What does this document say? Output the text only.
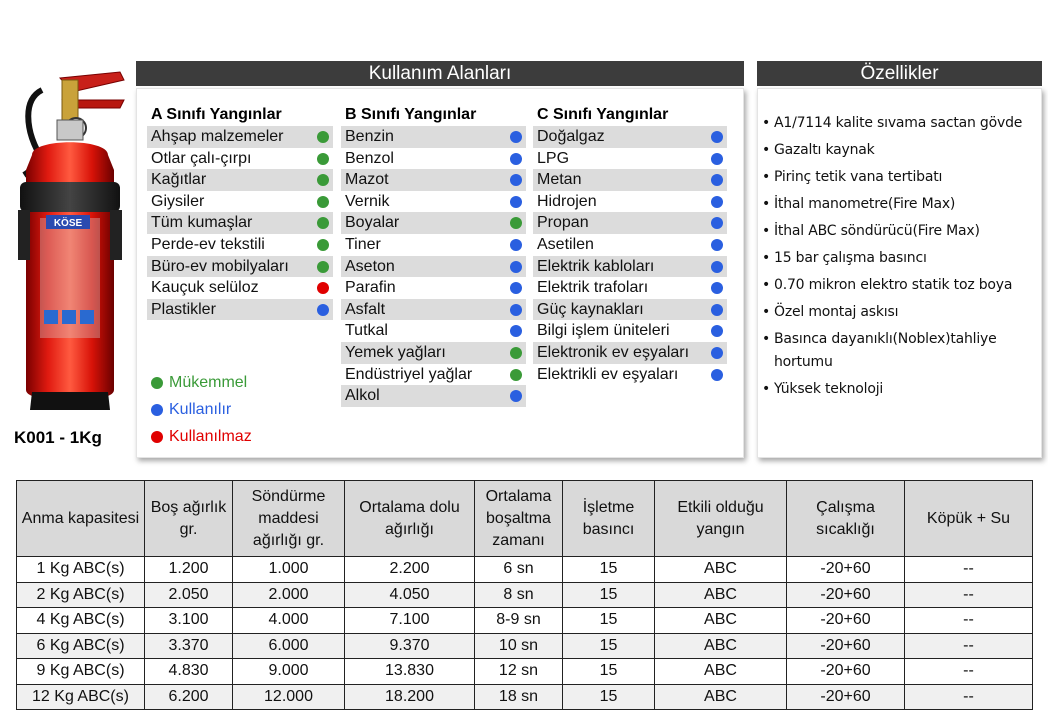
KÖSE
K001 - 1Kg
Kullanım Alanları
A Sınıfı Yangınlar
Ahşap malzemeler
Otlar çalı-çırpı
Kağıtlar
Giysiler
Tüm kumaşlar
Perde-ev tekstili
Büro-ev mobilyaları
Kauçuk selüloz
Plastikler
B Sınıfı Yangınlar
Benzin
Benzol
Mazot
Vernik
Boyalar
Tiner
Aseton
Parafin
Asfalt
Tutkal
Yemek yağları
Endüstriyel yağlar
Alkol
C Sınıfı Yangınlar
Doğalgaz
LPG
Metan
Hidrojen
Propan
Asetilen
Elektrik kabloları
Elektrik trafoları
Güç kaynakları
Bilgi işlem üniteleri
Elektronik ev eşyaları
Elektrikli ev eşyaları
Mükemmel
Kullanılır
Kullanılmaz
Özellikler
• A1/7114 kalite sıvama sactan gövde
• Gazaltı kaynak
• Pirinç tetik vana tertibatı
• İthal manometre(Fire Max)
• İthal ABC söndürücü(Fire Max)
• 15 bar çalışma basıncı
• 0.70 mikron elektro statik toz boya
• Özel montaj askısı
• Basınca dayanıklı(Noblex)tahliye hortumu
• Yüksek teknoloji
Anma kapasitesi	Boş ağırlık gr.	Söndürme maddesi ağırlığı gr.	Ortalama dolu ağırlığı	Ortalama boşaltma zamanı	İşletme basıncı	Etkili olduğu yangın	Çalışma sıcaklığı	Köpük + Su
1 Kg ABC(s)	1.200	1.000	2.200	6 sn	15	ABC	-20+60	--
2 Kg ABC(s)	2.050	2.000	4.050	8 sn	15	ABC	-20+60	--
4 Kg ABC(s)	3.100	4.000	7.100	8-9 sn	15	ABC	-20+60	--
6 Kg ABC(s)	3.370	6.000	9.370	10 sn	15	ABC	-20+60	--
9 Kg ABC(s)	4.830	9.000	13.830	12 sn	15	ABC	-20+60	--
12 Kg ABC(s)	6.200	12.000	18.200	18 sn	15	ABC	-20+60	--
